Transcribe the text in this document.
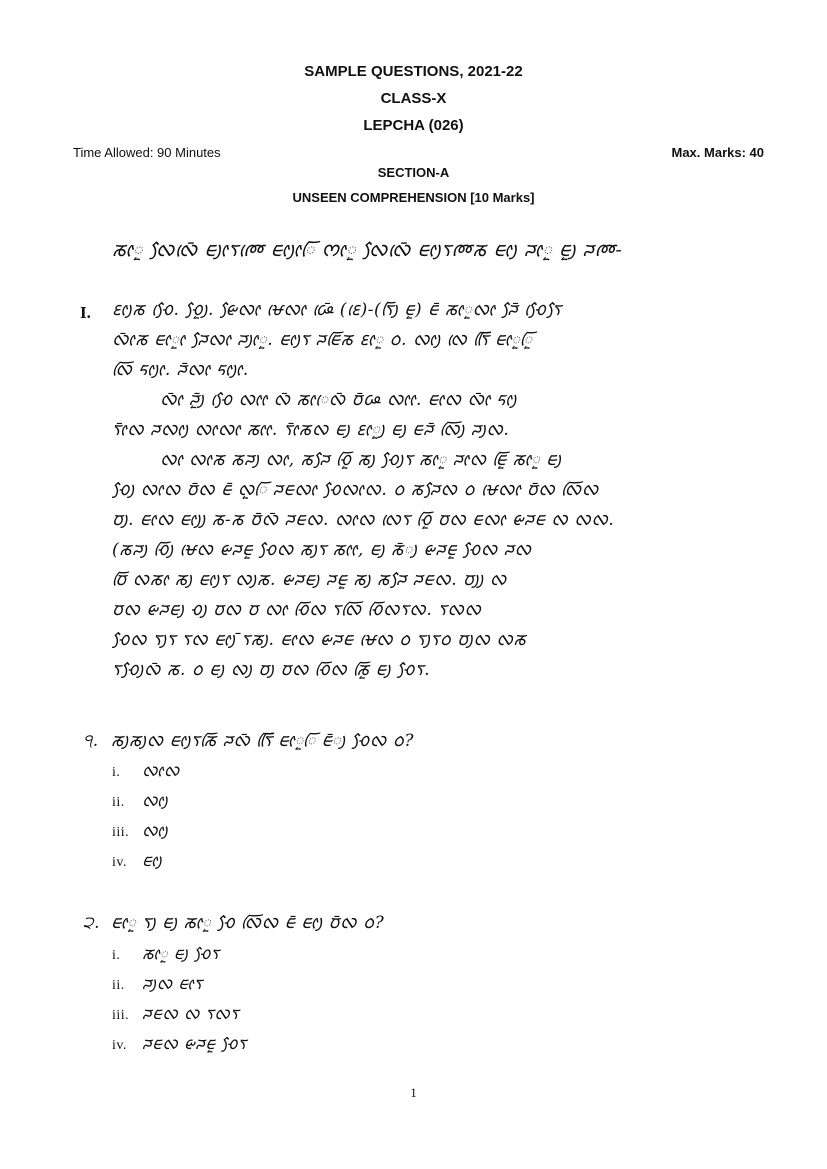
SAMPLE QUESTIONS, 2021-22
CLASS-X
LEPCHA (026)
Time Allowed: 90 Minutes	Max. Marks: 40
SECTION-A
UNSEEN COMPREHENSION [10 Marks]
ᰕᰦᰬ ᰜᰧᰜᰨᰳ ᰀᰪᰦᰛᰢᰨ ᰀᰦᰪᰦᰩ ᰔᰦᰬ ᰜᰧᰜᰨᰳ ᰀᰦᰪᰛᰢᰕ ᰀᰦᰪ ᰎᰦᰬ ᰀᰬᰪ ᰎᰢ-
I. ᰚᰦᰪᰕ ᰆᰧᰨ. ᰆᰧᰬᰪ. ᰡᰧᰜᰦ ᰝᰨᰜᰦ ᰘᰨᰳ (ᰚᰨ)-(ᰛᰩᰪ ᰀᰬ) ᰀᰳ ᰕᰦᰬᰜᰦ ᰎᰧᰳ ᰆᰧᰨᰛᰧ
ᰜᰦᰳᰕ ᰀᰦᰬᰦ ᰎᰧᰜᰦ ᰎᰪᰦᰬ. ᰀᰦᰪᰛ ᰎᰀᰩᰕ ᰚᰦᰬ ᰓ. ᰜᰦᰪ ᰜᰨ ᰛᰩᰩ ᰀᰦᰬᰩᰬ
ᰜᰩ ᰁᰦᰪᰦ. ᰎᰳᰜᰦ ᰁᰦᰪᰦ.
ᰜᰦᰳ ᰎᰬᰪᰳ ᰆᰧᰨ ᰜᰦᰦ ᰜᰳ ᰕᰦᰨᰜᰳ ᰗᰳᰘ ᰜᰦᰦ. ᰀᰦᰜ ᰜᰦᰳ ᰁᰦᰪ
ᰛᰦᰳᰜ ᰎᰜᰦᰪ ᰜᰦᰜᰦ ᰕᰦᰦ. ᰛᰦᰳᰕᰜ ᰀᰪ ᰚᰦᰬᰪ ᰀᰪ ᰀᰎᰳ ᰜᰩᰪ ᰎᰪᰜ.
ᰜᰦ ᰜᰦᰕ ᰕᰎᰪ ᰜᰦ, ᰕᰎᰧ ᰆᰩᰬ ᰕᰪ ᰆᰧᰪᰛ ᰕᰦᰬ ᰎᰦᰜ ᰀᰩᰬ ᰕᰦᰬ ᰀᰪ
ᰆᰧᰪ ᰜᰦᰜ ᰗᰳᰜ ᰀᰳ ᰜᰬᰩ ᰎᰀᰜᰦ ᰆᰧᰜᰦᰜ. ᰓ ᰕᰎᰧᰜ ᰓ ᰝᰨᰜᰦ ᰗᰳᰜ ᰜᰩᰜ
ᰗᰪ. ᰀᰦᰜ ᰀᰦᰪᰪ ᰕ-ᰕ ᰗᰳᰜᰳ ᰎᰀᰜ. ᰜᰦᰜ ᰜᰨᰛ ᰆᰩᰬ ᰗᰜ ᰀᰜᰦ ᰡᰎᰀ ᰜ ᰜᰜ.
(ᰕᰎᰪ ᰆᰩᰪ ᰝᰨᰜ ᰡᰎᰀᰬ ᰆᰧᰜ ᰕᰪᰛ ᰕᰦᰦ, ᰀᰪ ᰕᰳᰪ ᰡᰎᰀᰬ ᰆᰧᰜ ᰎᰜ
ᰗᰩ ᰜᰕᰦ ᰕᰪ ᰀᰦᰪᰛ ᰜᰪᰕ. ᰡᰎᰀᰪ ᰎᰀᰬ ᰕᰪ ᰕᰎᰧ ᰎᰀᰜ. ᰗᰪᰪ ᰜ
ᰗᰜ ᰡᰎᰀᰪ ᰆᰪ ᰗᰜ ᰗ ᰜᰦ ᰆᰩᰜ ᰛᰜᰩ ᰆᰩᰜᰛᰜ. ᰛᰜᰜ
ᰆᰧᰜ ᰛᰪᰛ ᰛᰜ ᰀᰦᰪᰳ ᰛᰕᰪ. ᰀᰦᰜ ᰡᰎᰀ ᰝᰨᰜ ᰓ ᰛᰪᰛᰓ ᰗᰪᰜ ᰜᰕ
ᰛᰆᰧᰪᰜᰳ ᰕ. ᰓ ᰀᰪ ᰜᰪ ᰗᰪ ᰗᰜ ᰆᰩᰜ ᰕᰩᰬ ᰀᰪ ᰆᰧᰛ.
੧. ᰕᰪᰕᰪᰜ ᰀᰦᰪᰛᰕᰩ ᰎᰜᰳ ᰛᰩᰩ ᰀᰦᰬᰩ ᰀᰳᰪ ᰆᰧᰜ ᰓ?
i. ᰜᰦᰜ
ii. ᰜᰦᰪ
iii. ᰜᰦᰪ
iv. ᰀᰦᰪ
੨. ᰀᰦᰬ ᰛᰪ ᰀᰪ ᰕᰦᰬ ᰆᰧ ᰜᰩᰜ ᰀᰳ ᰀᰦᰪ ᰗᰳᰜ ᰓ?
i. ᰕᰦᰬ ᰀᰪ ᰆᰧᰛ
ii. ᰎᰪᰜ ᰀᰦᰛ
iii. ᰎᰀᰜ ᰜ ᰛᰜᰛ
iv. ᰎᰀᰜ ᰡᰎᰀᰬ ᰆᰧᰛ
1
